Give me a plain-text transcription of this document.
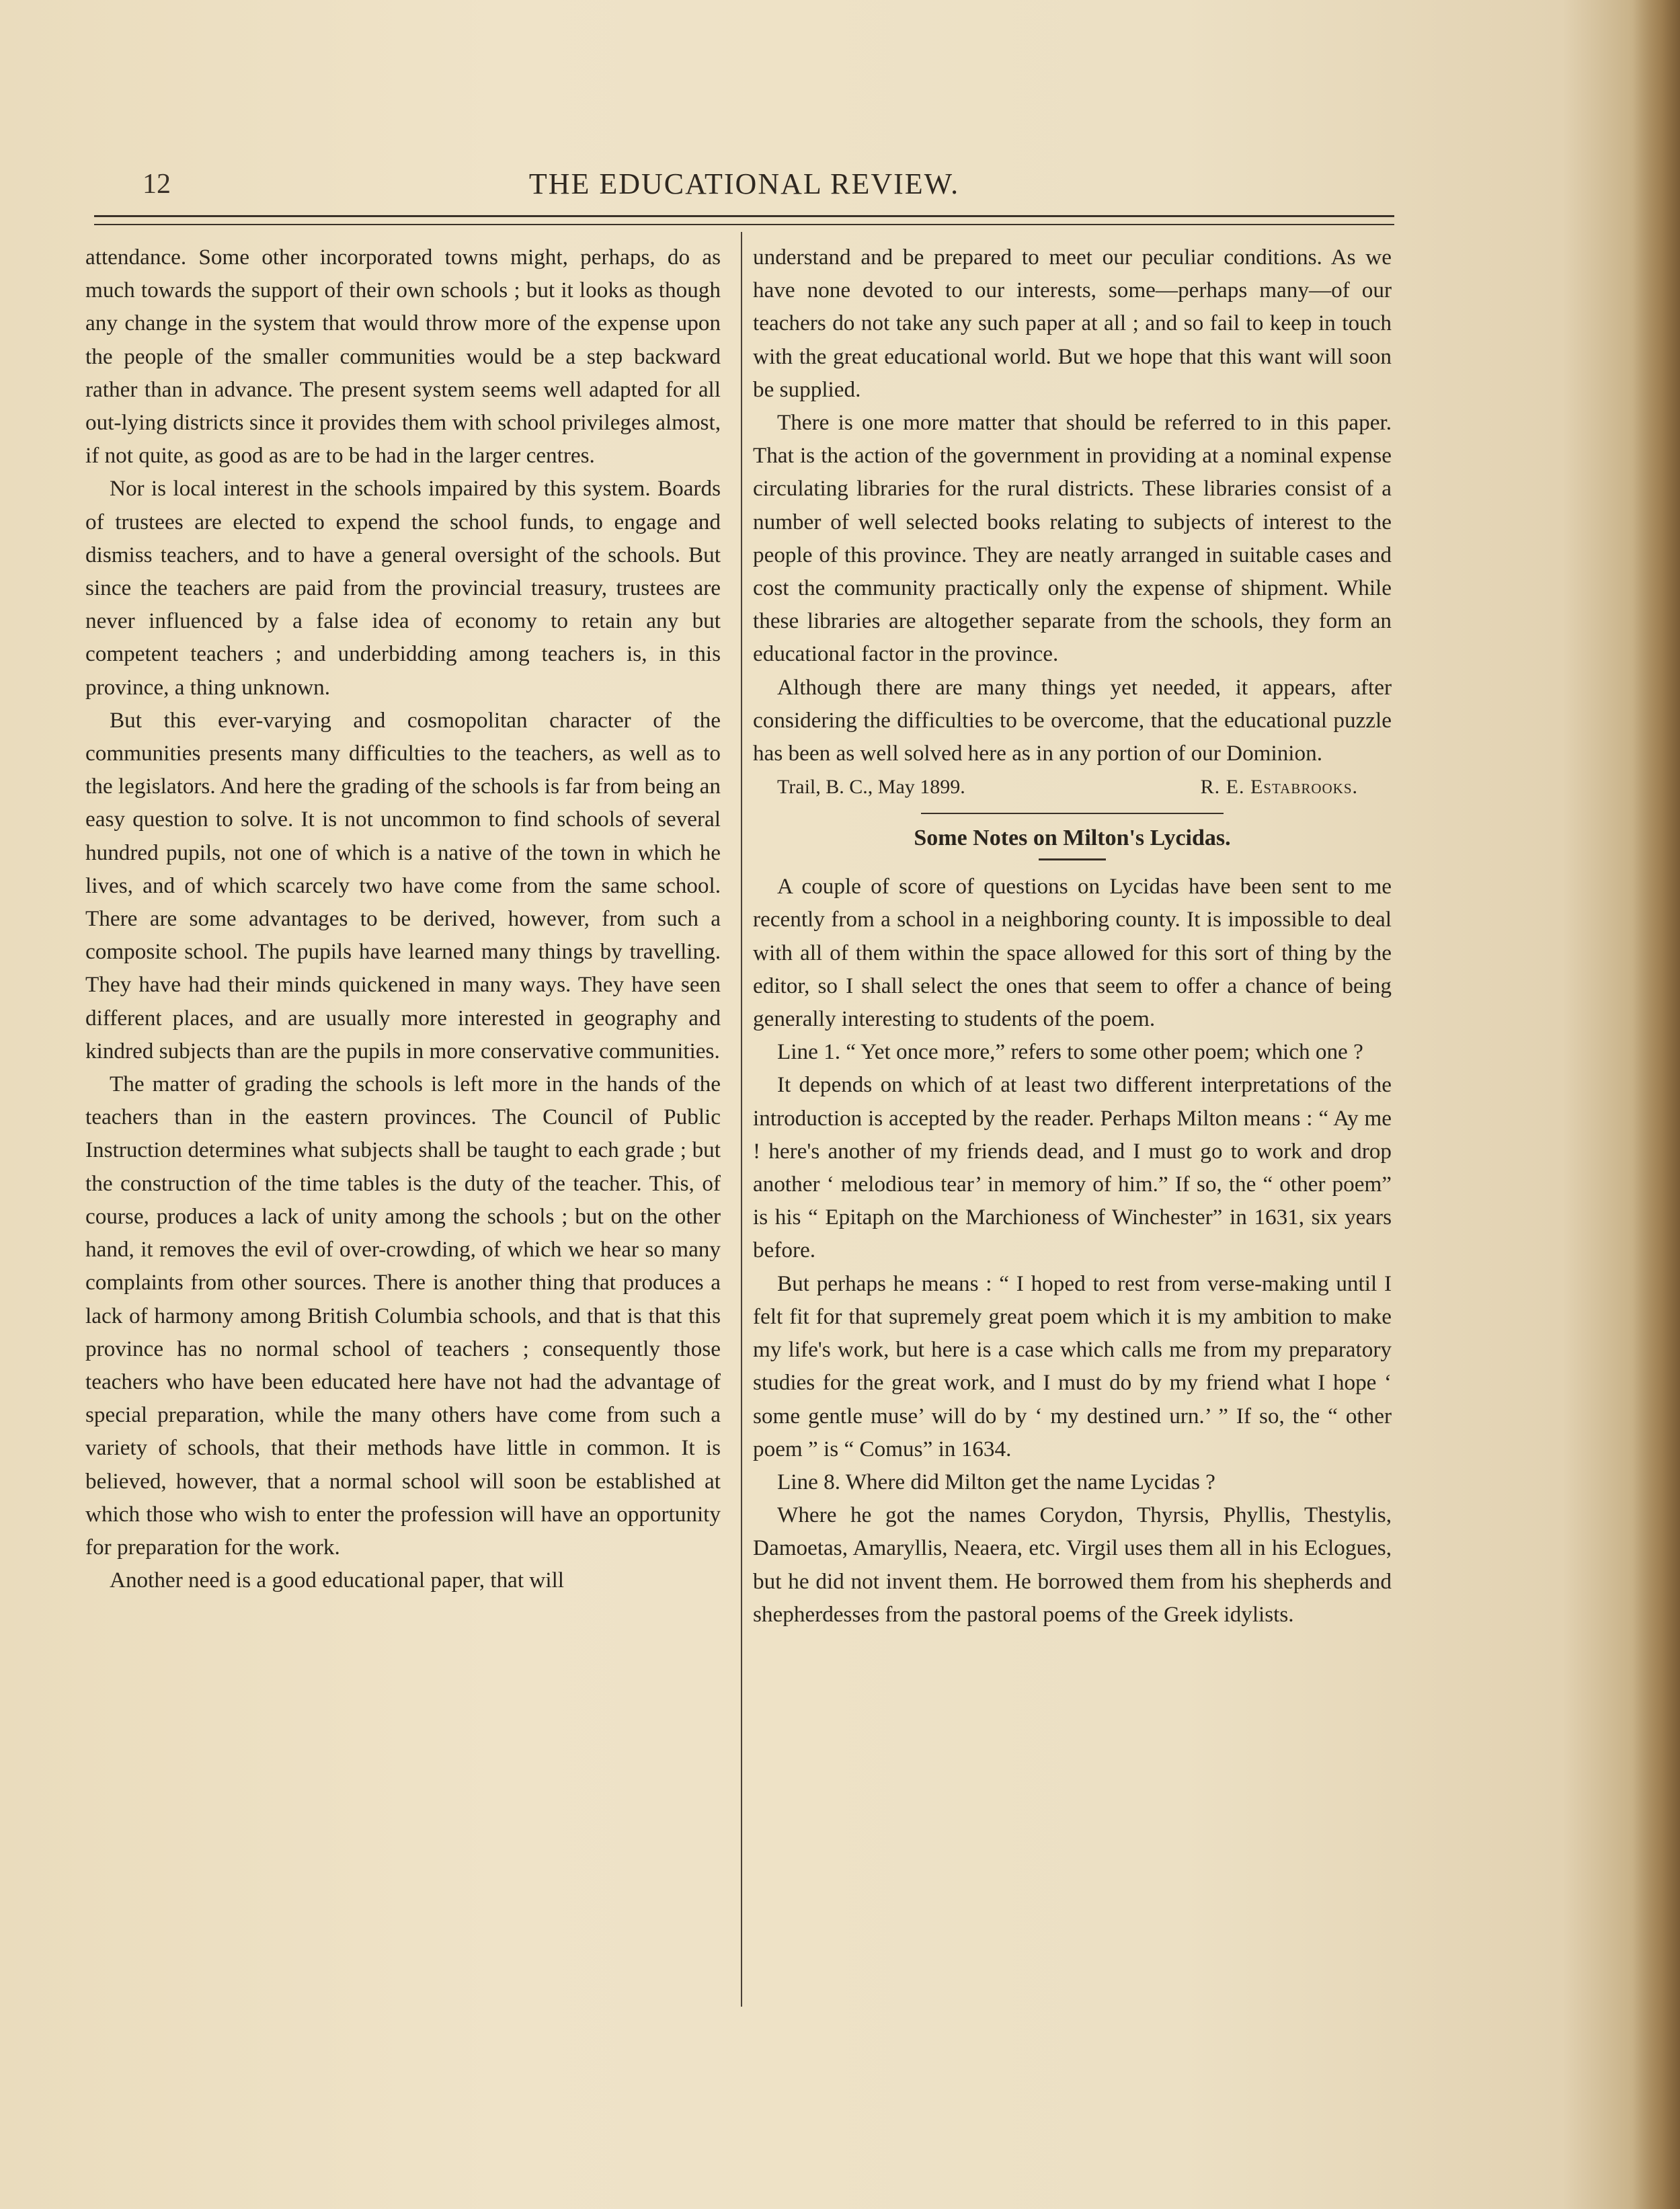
12	THE EDUCATIONAL REVIEW.

attendance. Some other incorporated towns might, perhaps, do as much towards the support of their own schools ; but it looks as though any change in the system that would throw more of the expense upon the people of the smaller communities would be a step backward rather than in advance. The present system seems well adapted for all out-lying districts since it provides them with school privileges almost, if not quite, as good as are to be had in the larger centres.

Nor is local interest in the schools impaired by this system. Boards of trustees are elected to expend the school funds, to engage and dismiss teachers, and to have a general oversight of the schools. But since the teachers are paid from the provincial treasury, trustees are never influenced by a false idea of economy to retain any but competent teachers ; and underbidding among teachers is, in this province, a thing unknown.

But this ever-varying and cosmopolitan character of the communities presents many difficulties to the teachers, as well as to the legislators. And here the grading of the schools is far from being an easy question to solve. It is not uncommon to find schools of several hundred pupils, not one of which is a native of the town in which he lives, and of which scarcely two have come from the same school. There are some advantages to be derived, however, from such a composite school. The pupils have learned many things by travelling. They have had their minds quickened in many ways. They have seen different places, and are usually more interested in geography and kindred subjects than are the pupils in more conservative communities.

The matter of grading the schools is left more in the hands of the teachers than in the eastern provinces. The Council of Public Instruction determines what subjects shall be taught to each grade ; but the construction of the time tables is the duty of the teacher. This, of course, produces a lack of unity among the schools ; but on the other hand, it removes the evil of over-crowding, of which we hear so many complaints from other sources. There is another thing that produces a lack of harmony among British Columbia schools, and that is that this province has no normal school of teachers ; consequently those teachers who have been educated here have not had the advantage of special preparation, while the many others have come from such a variety of schools, that their methods have little in common. It is believed, however, that a normal school will soon be established at which those who wish to enter the profession will have an opportunity for preparation for the work.

Another need is a good educational paper, that will

understand and be prepared to meet our peculiar conditions. As we have none devoted to our interests, some—perhaps many—of our teachers do not take any such paper at all ; and so fail to keep in touch with the great educational world. But we hope that this want will soon be supplied.

There is one more matter that should be referred to in this paper. That is the action of the government in providing at a nominal expense circulating libraries for the rural districts. These libraries consist of a number of well selected books relating to subjects of interest to the people of this province. They are neatly arranged in suitable cases and cost the community practically only the expense of shipment. While these libraries are altogether separate from the schools, they form an educational factor in the province.

Although there are many things yet needed, it appears, after considering the difficulties to be overcome, that the educational puzzle has been as well solved here as in any portion of our Dominion.

Trail, B. C., May 1899.	R. E. Estabrooks.
Some Notes on Milton's Lycidas.

A couple of score of questions on Lycidas have been sent to me recently from a school in a neighboring county. It is impossible to deal with all of them within the space allowed for this sort of thing by the editor, so I shall select the ones that seem to offer a chance of being generally interesting to students of the poem.

Line 1. “ Yet once more,” refers to some other poem; which one ?

It depends on which of at least two different interpretations of the introduction is accepted by the reader. Perhaps Milton means : “ Ay me ! here's another of my friends dead, and I must go to work and drop another ‘ melodious tear’ in memory of him.” If so, the “ other poem” is his “ Epitaph on the Marchioness of Winchester” in 1631, six years before.

But perhaps he means : “ I hoped to rest from verse-making until I felt fit for that supremely great poem which it is my ambition to make my life's work, but here is a case which calls me from my preparatory studies for the great work, and I must do by my friend what I hope ‘ some gentle muse’ will do by ‘ my destined urn.’ ” If so, the “ other poem ” is “ Comus” in 1634.

Line 8. Where did Milton get the name Lycidas ?

Where he got the names Corydon, Thyrsis, Phyllis, Thestylis, Damoetas, Amaryllis, Neaera, etc. Virgil uses them all in his Eclogues, but he did not invent them. He borrowed them from his shepherds and shepherdesses from the pastoral poems of the Greek idylists.
